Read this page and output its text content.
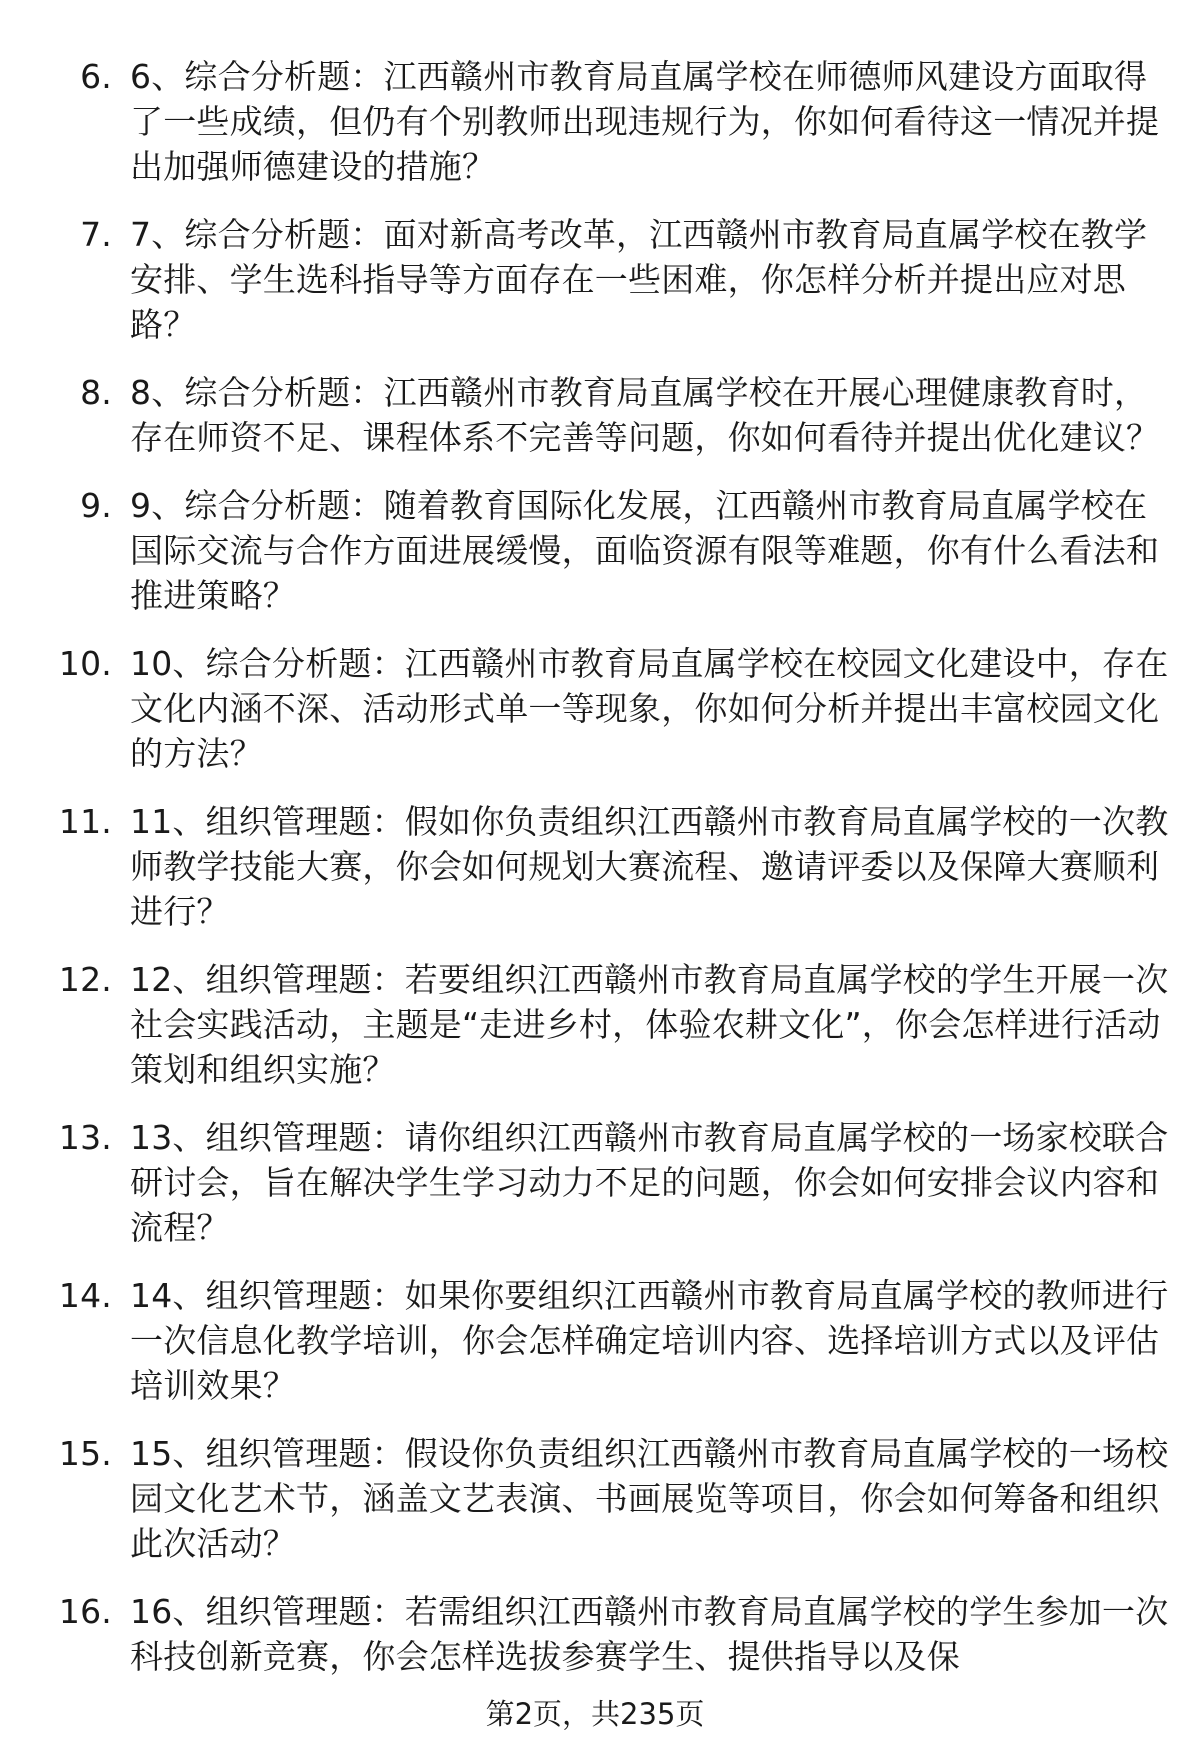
6. 6、综合分析题：江西赣州市教育局直属学校在师德师风建设方面取得了一些成绩，但仍有个别教师出现违规行为，你如何看待这一情况并提出加强师德建设的措施？
7. 7、综合分析题：面对新高考改革，江西赣州市教育局直属学校在教学安排、学生选科指导等方面存在一些困难，你怎样分析并提出应对思路？
8. 8、综合分析题：江西赣州市教育局直属学校在开展心理健康教育时，存在师资不足、课程体系不完善等问题，你如何看待并提出优化建议？
9. 9、综合分析题：随着教育国际化发展，江西赣州市教育局直属学校在国际交流与合作方面进展缓慢，面临资源有限等难题，你有什么看法和推进策略？
10. 10、综合分析题：江西赣州市教育局直属学校在校园文化建设中，存在文化内涵不深、活动形式单一等现象，你如何分析并提出丰富校园文化的方法？
11. 11、组织管理题：假如你负责组织江西赣州市教育局直属学校的一次教师教学技能大赛，你会如何规划大赛流程、邀请评委以及保障大赛顺利进行？
12. 12、组织管理题：若要组织江西赣州市教育局直属学校的学生开展一次社会实践活动，主题是“走进乡村，体验农耕文化”，你会怎样进行活动策划和组织实施？
13. 13、组织管理题：请你组织江西赣州市教育局直属学校的一场家校联合研讨会，旨在解决学生学习动力不足的问题，你会如何安排会议内容和流程？
14. 14、组织管理题：如果你要组织江西赣州市教育局直属学校的教师进行一次信息化教学培训，你会怎样确定培训内容、选择培训方式以及评估培训效果？
15. 15、组织管理题：假设你负责组织江西赣州市教育局直属学校的一场校园文化艺术节，涵盖文艺表演、书画展览等项目，你会如何筹备和组织此次活动？
16. 16、组织管理题：若需组织江西赣州市教育局直属学校的学生参加一次科技创新竞赛，你会怎样选拔参赛学生、提供指导以及保
第2页，共235页
